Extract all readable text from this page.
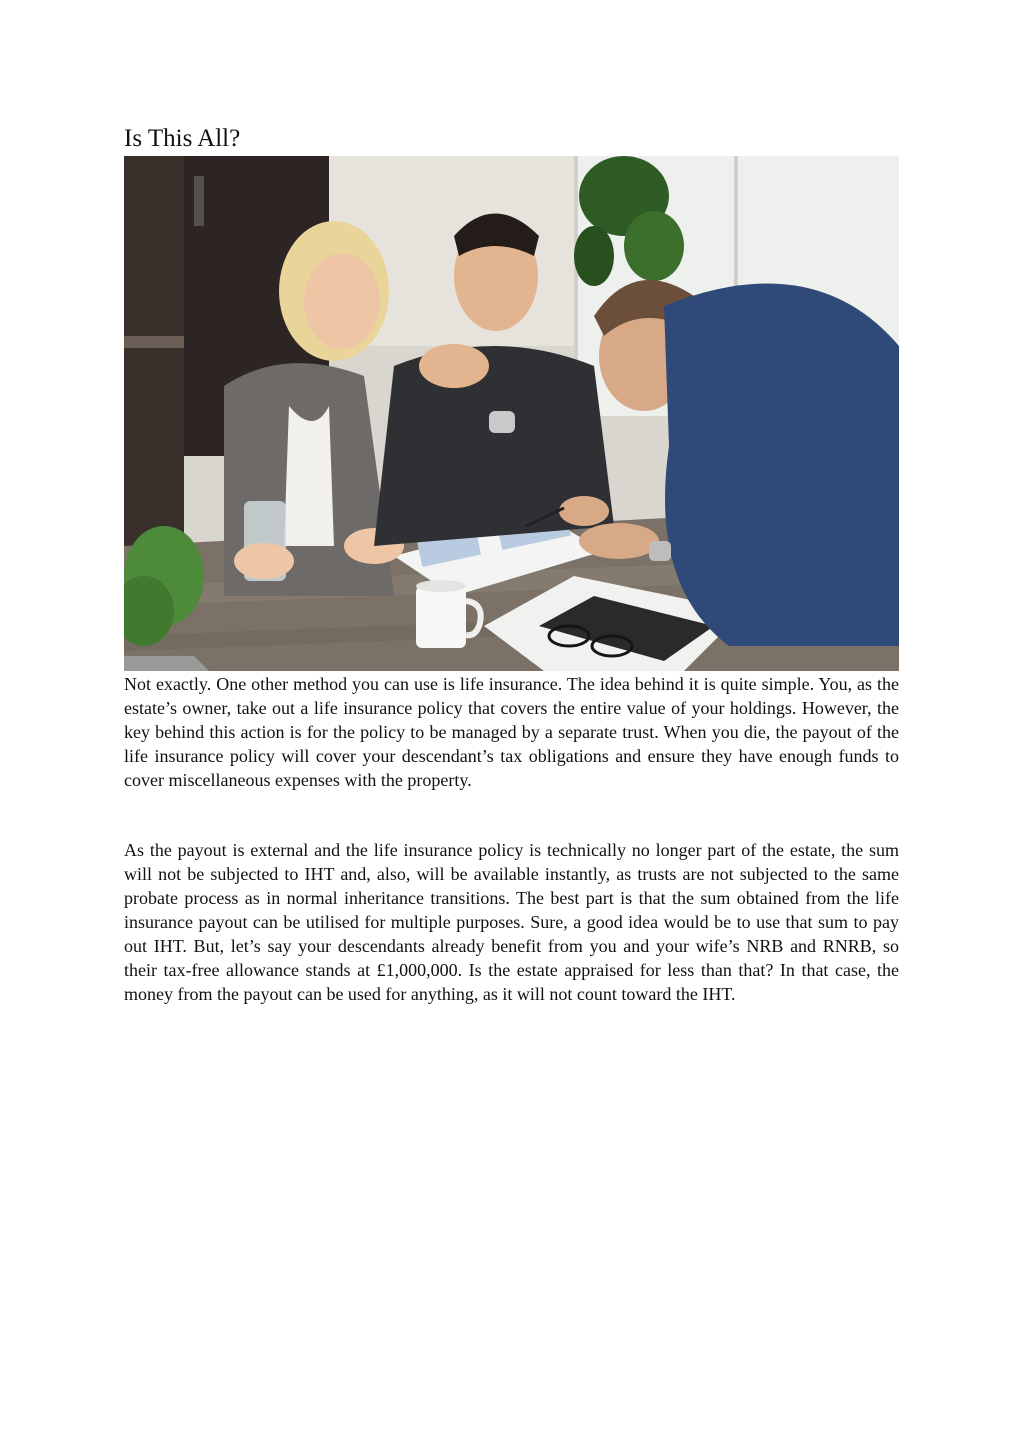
Is This All?

Not exactly. One other method you can use is life insurance. The idea behind it is quite simple. You, as the estate’s owner, take out a life insurance policy that covers the entire value of your holdings. However, the key behind this action is for the policy to be managed by a separate trust. When you die, the payout of the life insurance policy will cover your descendant’s tax obligations and ensure they have enough funds to cover miscellaneous expenses with the property.

As the payout is external and the life insurance policy is technically no longer part of the estate, the sum will not be subjected to IHT and, also, will be available instantly, as trusts are not subjected to the same probate process as in normal inheritance transitions. The best part is that the sum obtained from the life insurance payout can be utilised for multiple purposes. Sure, a good idea would be to use that sum to pay out IHT. But, let’s say your descendants already benefit from you and your wife’s NRB and RNRB, so their tax-free allowance stands at £1,000,000. Is the estate appraised for less than that? In that case, the money from the payout can be used for anything, as it will not count toward the IHT.
